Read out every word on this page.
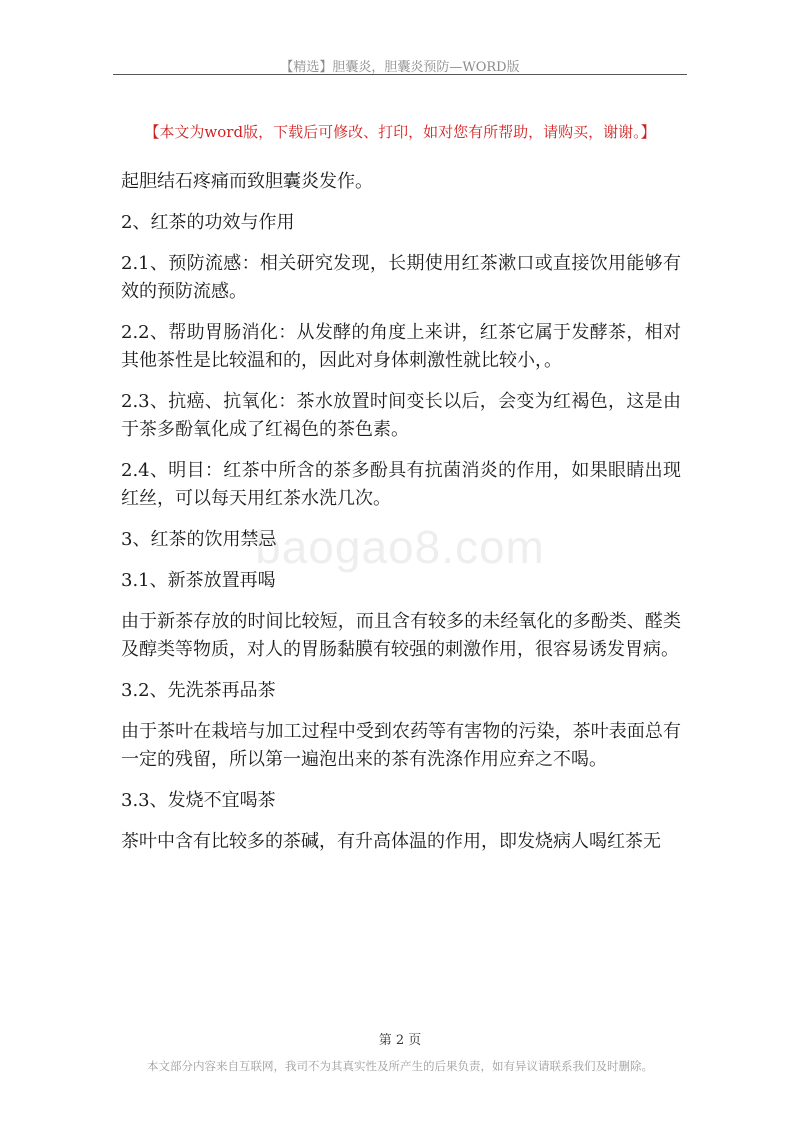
【精选】胆囊炎，胆囊炎预防—WORD版
【本文为word版，下载后可修改、打印，如对您有所帮助，请购买，谢谢。】

起胆结石疼痛而致胆囊炎发作。

2、红茶的功效与作用

2.1、预防流感：相关研究发现，长期使用红茶漱口或直接饮用能够有效的预防流感。

2.2、帮助胃肠消化：从发酵的角度上来讲，红茶它属于发酵茶，相对其他茶性是比较温和的，因此对身体刺激性就比较小，。

2.3、抗癌、抗氧化：茶水放置时间变长以后，会变为红褐色，这是由于茶多酚氧化成了红褐色的茶色素。

2.4、明目：红茶中所含的茶多酚具有抗菌消炎的作用，如果眼睛出现红丝，可以每天用红茶水洗几次。

3、红茶的饮用禁忌

3.1、新茶放置再喝

由于新茶存放的时间比较短，而且含有较多的未经氧化的多酚类、醛类及醇类等物质，对人的胃肠黏膜有较强的刺激作用，很容易诱发胃病。

3.2、先洗茶再品茶

由于茶叶在栽培与加工过程中受到农药等有害物的污染，茶叶表面总有一定的残留，所以第一遍泡出来的茶有洗涤作用应弃之不喝。

3.3、发烧不宜喝茶

茶叶中含有比较多的茶碱，有升高体温的作用，即发烧病人喝红茶无

baogao8.com
第 2 页
本文部分内容来自互联网，我司不为其真实性及所产生的后果负责，如有异议请联系我们及时删除。
